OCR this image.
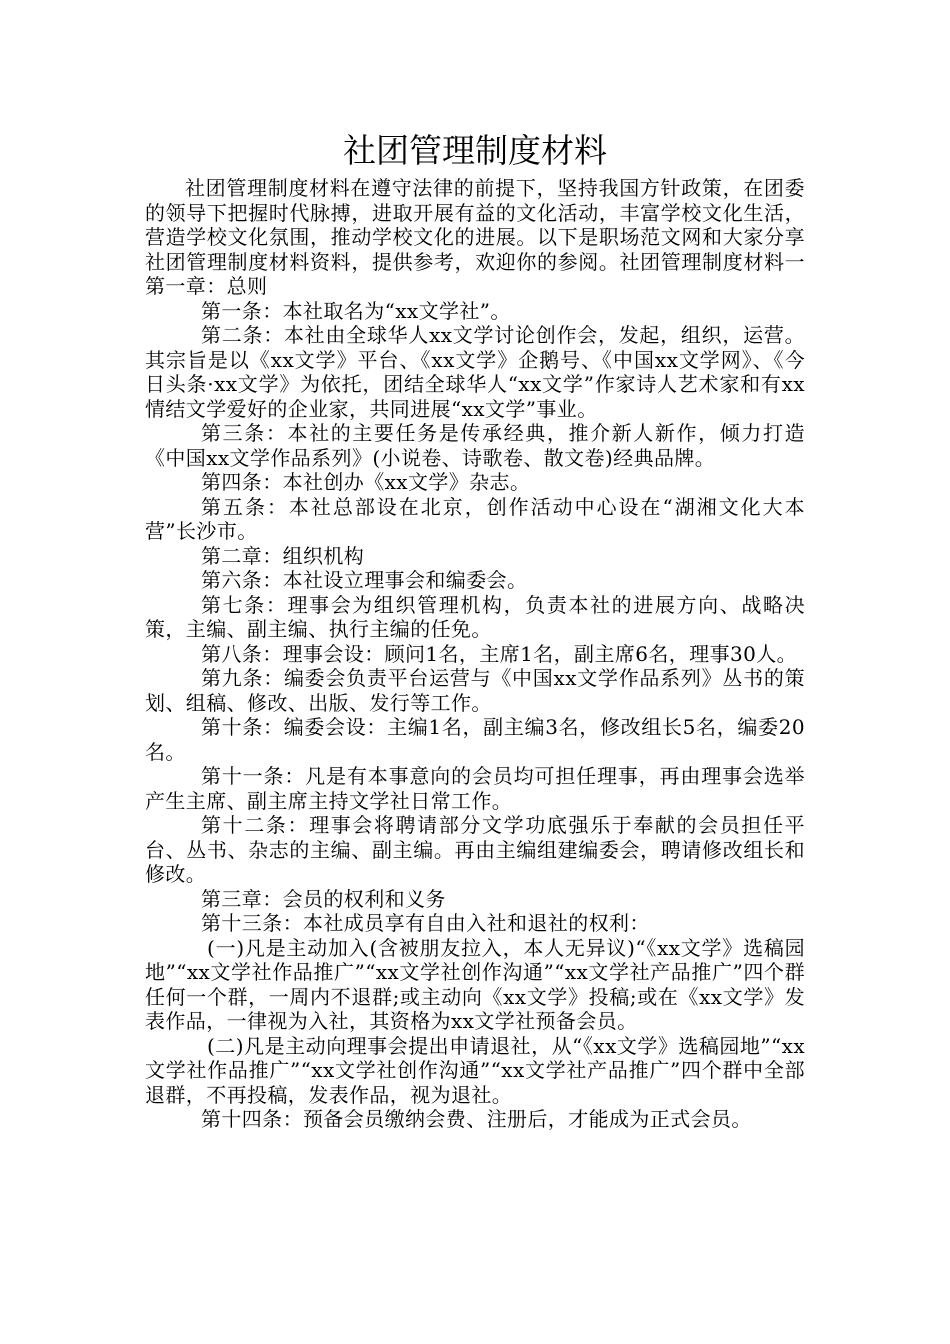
社团管理制度材料

社团管理制度材料在遵守法律的前提下，坚持我国方针政策，在团委的领导下把握时代脉搏，进取开展有益的文化活动，丰富学校文化生活，营造学校文化氛围，推动学校文化的进展。以下是职场范文网和大家分享社团管理制度材料资料，提供参考，欢迎你的参阅。社团管理制度材料一第一章：总则

第一条：本社取名为“xx文学社”。

第二条：本社由全球华人xx文学讨论创作会，发起，组织，运营。其宗旨是以《xx文学》平台、《xx文学》企鹅号、《中国xx文学网》、《今日头条·xx文学》为依托，团结全球华人“xx文学”作家诗人艺术家和有xx情结文学爱好的企业家，共同进展“xx文学”事业。

第三条：本社的主要任务是传承经典，推介新人新作，倾力打造《中国xx文学作品系列》(小说卷、诗歌卷、散文卷)经典品牌。

第四条：本社创办《xx文学》杂志。

第五条：本社总部设在北京，创作活动中心设在“湖湘文化大本营”长沙市。

第二章：组织机构

第六条：本社设立理事会和编委会。

第七条：理事会为组织管理机构，负责本社的进展方向、战略决策，主编、副主编、执行主编的任免。

第八条：理事会设：顾问1名，主席1名，副主席6名，理事30人。

第九条：编委会负责平台运营与《中国xx文学作品系列》丛书的策划、组稿、修改、出版、发行等工作。

第十条：编委会设：主编1名，副主编3名，修改组长5名，编委20名。

第十一条：凡是有本事意向的会员均可担任理事，再由理事会选举产生主席、副主席主持文学社日常工作。

第十二条：理事会将聘请部分文学功底强乐于奉献的会员担任平台、丛书、杂志的主编、副主编。再由主编组建编委会，聘请修改组长和修改。

第三章：会员的权利和义务

第十三条：本社成员享有自由入社和退社的权利：

(一)凡是主动加入(含被朋友拉入，本人无异议)“《xx文学》选稿园地”“xx文学社作品推广”“xx文学社创作沟通”“xx文学社产品推广”四个群任何一个群，一周内不退群;或主动向《xx文学》投稿;或在《xx文学》发表作品，一律视为入社，其资格为xx文学社预备会员。

(二)凡是主动向理事会提出申请退社，从“《xx文学》选稿园地”“xx文学社作品推广”“xx文学社创作沟通”“xx文学社产品推广”四个群中全部退群，不再投稿，发表作品，视为退社。

第十四条：预备会员缴纳会费、注册后，才能成为正式会员。
